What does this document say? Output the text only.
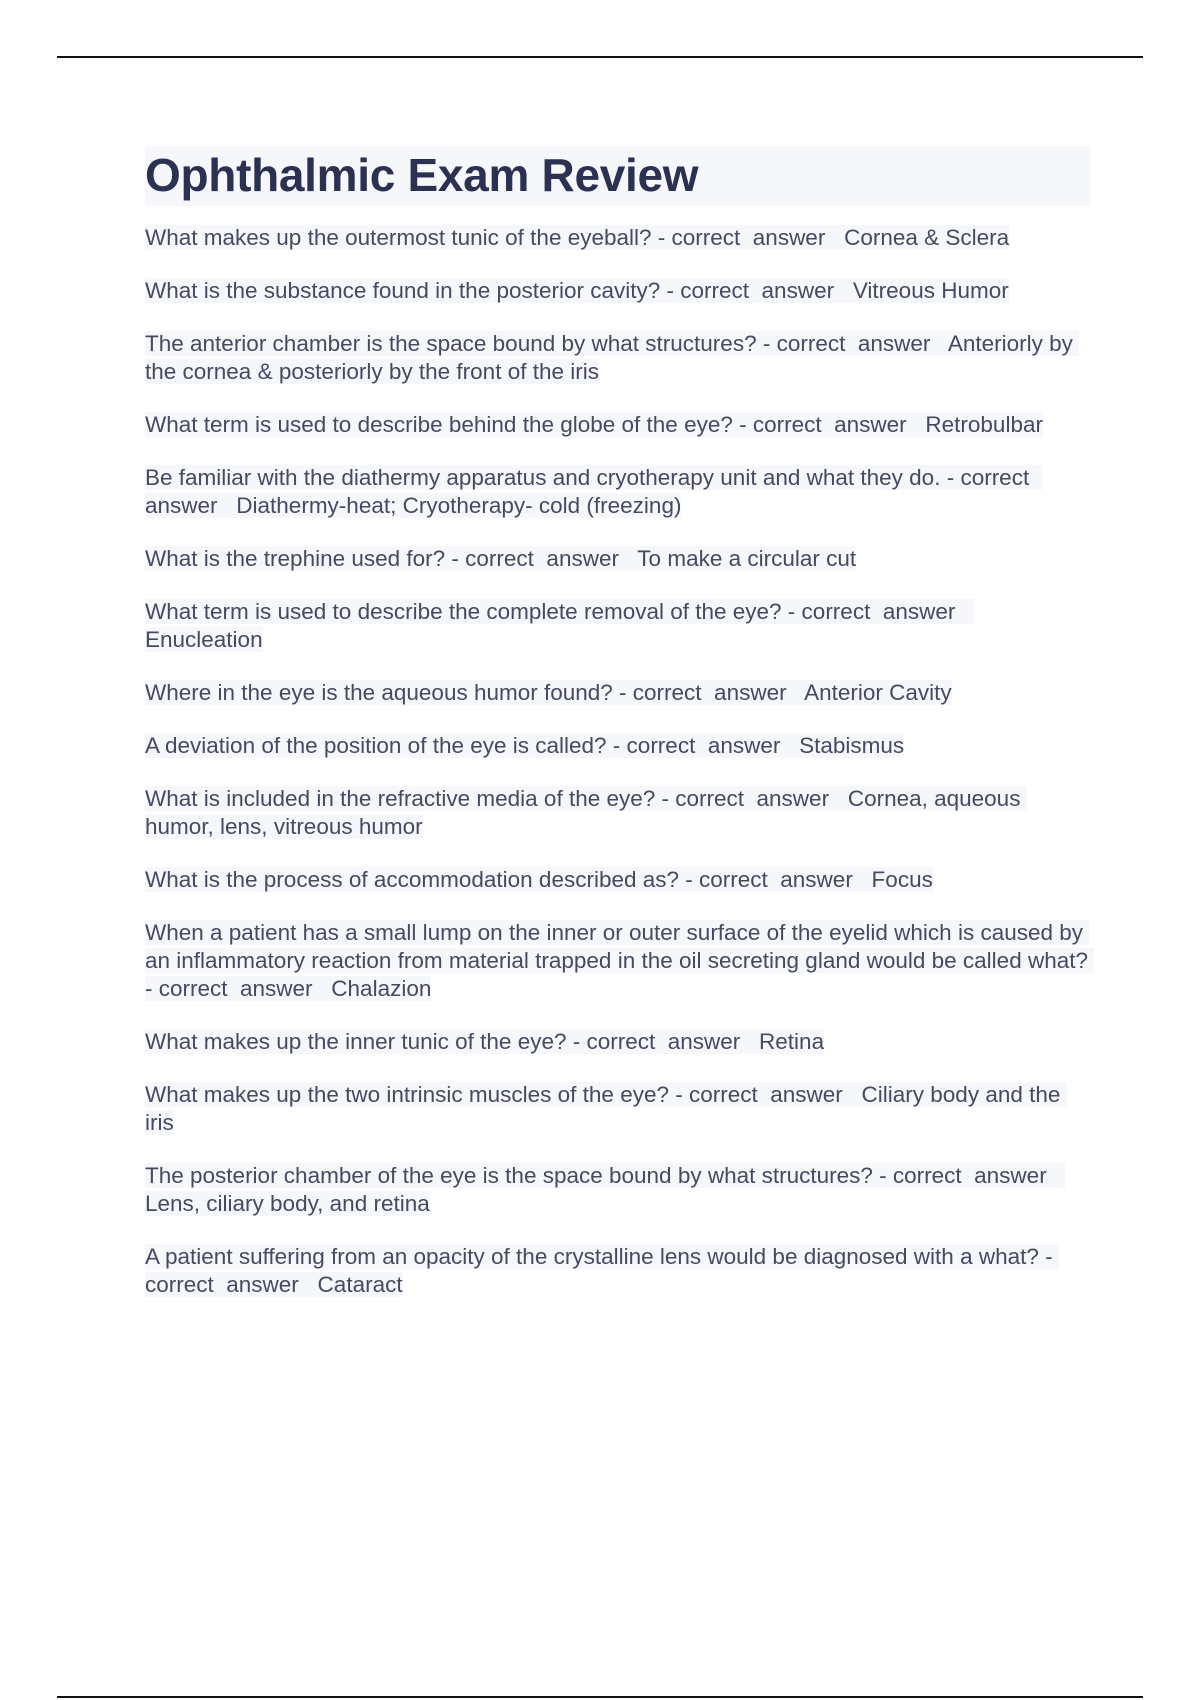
Ophthalmic Exam Review

What makes up the outermost tunic of the eyeball? - correct  answer   Cornea & Sclera

What is the substance found in the posterior cavity? - correct  answer   Vitreous Humor

The anterior chamber is the space bound by what structures? - correct  answer   Anteriorly by the cornea & posteriorly by the front of the iris

What term is used to describe behind the globe of the eye? - correct  answer   Retrobulbar

Be familiar with the diathermy apparatus and cryotherapy unit and what they do. - correct  answer   Diathermy-heat; Cryotherapy- cold (freezing)

What is the trephine used for? - correct  answer   To make a circular cut

What term is used to describe the complete removal of the eye? - correct  answer   Enucleation

Where in the eye is the aqueous humor found? - correct  answer   Anterior Cavity

A deviation of the position of the eye is called? - correct  answer   Stabismus

What is included in the refractive media of the eye? - correct  answer   Cornea, aqueous humor, lens, vitreous humor

What is the process of accommodation described as? - correct  answer   Focus

When a patient has a small lump on the inner or outer surface of the eyelid which is caused by an inflammatory reaction from material trapped in the oil secreting gland would be called what? - correct  answer   Chalazion

What makes up the inner tunic of the eye? - correct  answer   Retina

What makes up the two intrinsic muscles of the eye? - correct  answer   Ciliary body and the iris

The posterior chamber of the eye is the space bound by what structures? - correct  answer   Lens, ciliary body, and retina

A patient suffering from an opacity of the crystalline lens would be diagnosed with a what? - correct  answer   Cataract
